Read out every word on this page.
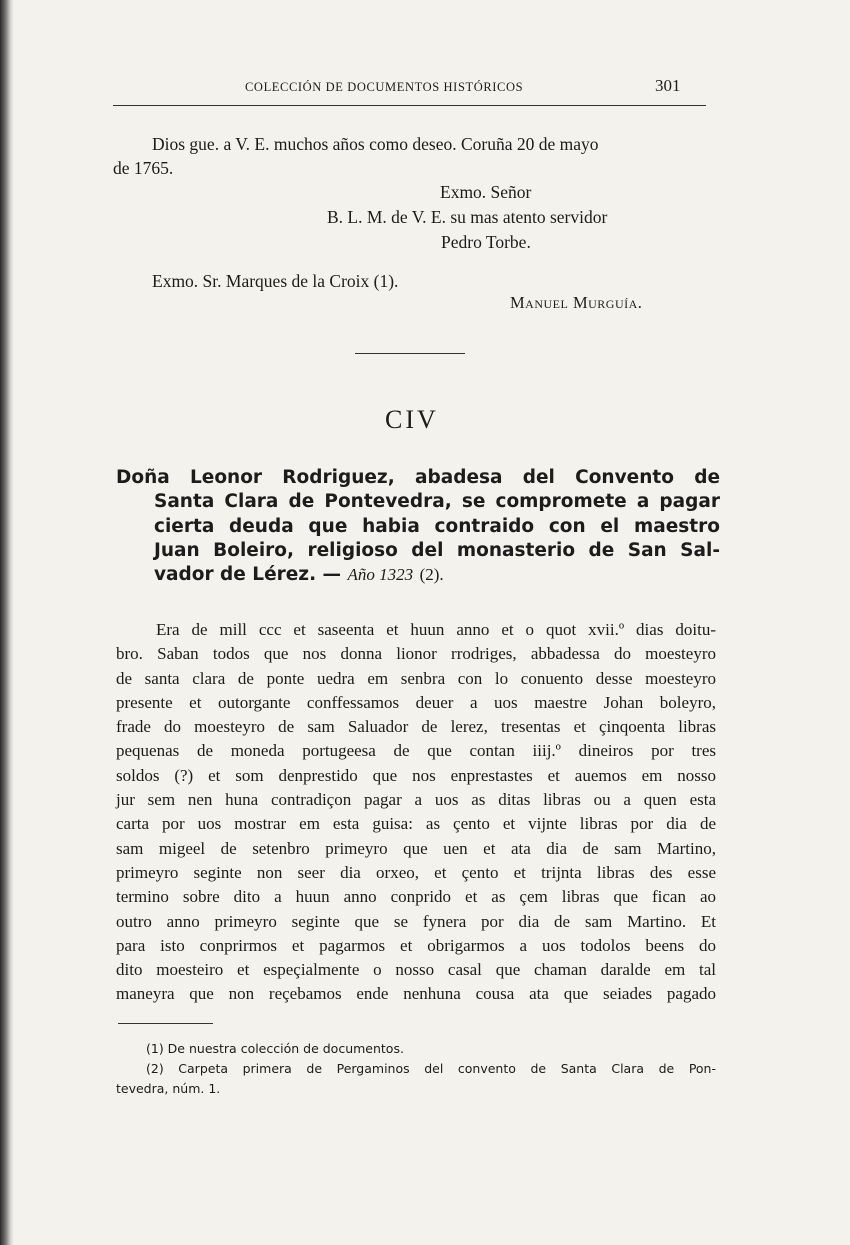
COLECCIÓN DE DOCUMENTOS HISTÓRICOS	301
Dios gue. a V. E. muchos años como deseo. Coruña 20 de mayo
de 1765.
Exmo. Señor
B. L. M. de V. E. su mas atento servidor
Pedro Torbe.
Exmo. Sr. Marques de la Croix (1).
Manuel Murguía.
CIV
Doña Leonor Rodriguez, abadesa del Convento de
Santa Clara de Pontevedra, se compromete a pagar
cierta deuda que habia contraido con el maestro
Juan Boleiro, religioso del monasterio de San Sal-
vador de Lérez. — Año 1323 (2).
Era de mill ccc et saseenta et huun anno et o quot xvii.º dias doitu-
bro. Saban todos que nos donna lionor rrodriges, abbadessa do moesteyro
de santa clara de ponte uedra em senbra con lo conuento desse moesteyro
presente et outorgante conffessamos deuer a uos maestre Johan boleyro,
frade do moesteyro de sam Saluador de lerez, tresentas et çinqoenta libras
pequenas de moneda portugeesa de que contan iiij.º dineiros por tres
soldos (?) et som denprestido que nos enprestastes et auemos em nosso
jur sem nen huna contradiçon pagar a uos as ditas libras ou a quen esta
carta por uos mostrar em esta guisa: as çento et vijnte libras por dia de
sam migeel de setenbro primeyro que uen et ata dia de sam Martino,
primeyro seginte non seer dia orxeo, et çento et trijnta libras des esse
termino sobre dito a huun anno conprido et as çem libras que fican ao
outro anno primeyro seginte que se fynera por dia de sam Martino. Et
para isto conprirmos et pagarmos et obrigarmos a uos todolos beens do
dito moesteiro et espeçialmente o nosso casal que chaman daralde em tal
maneyra que non reçebamos ende nenhuna cousa ata que seiades pagado
(1) De nuestra colección de documentos.
(2) Carpeta primera de Pergaminos del convento de Santa Clara de Pon-
tevedra, núm. 1.
